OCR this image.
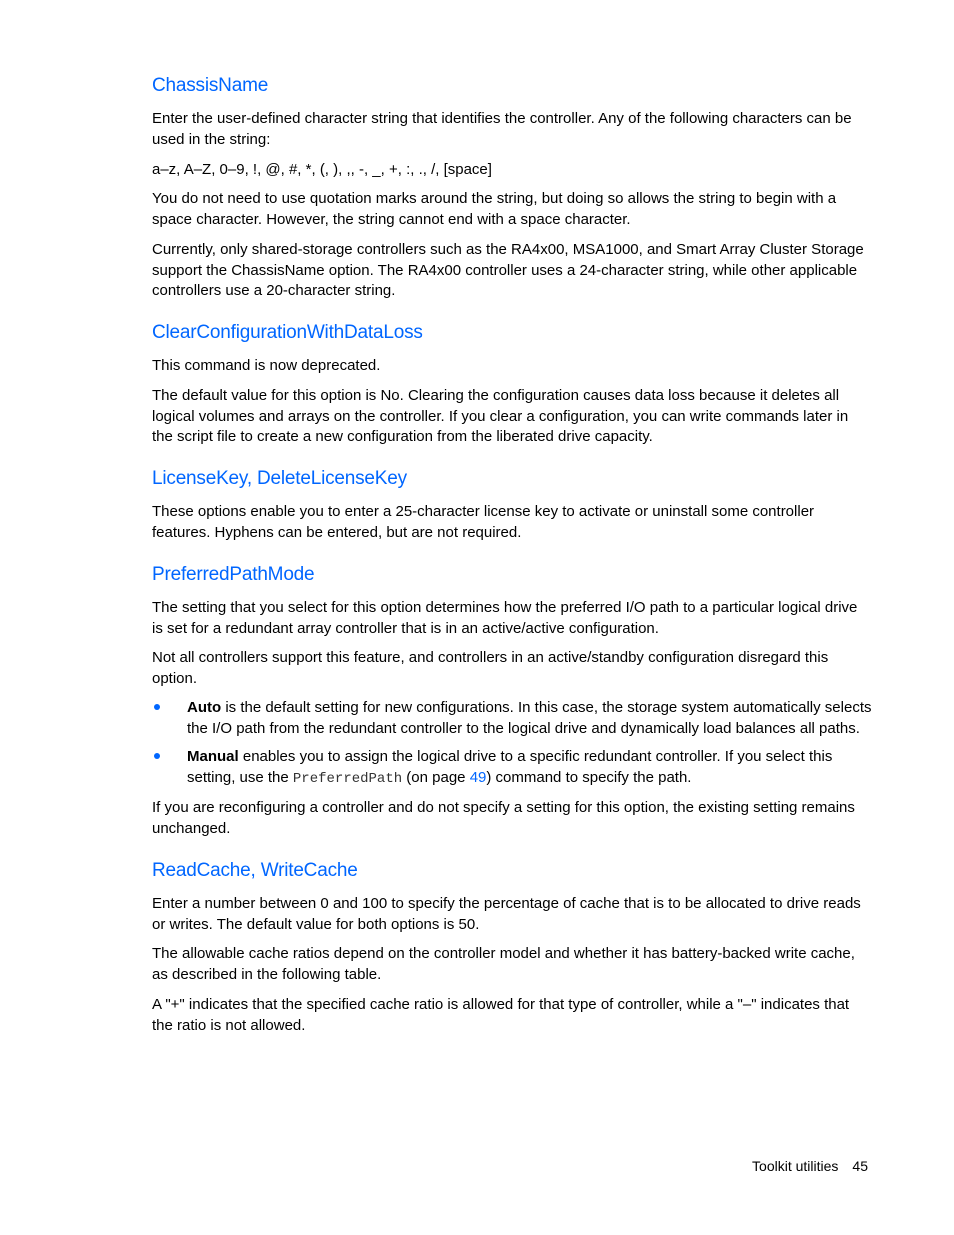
ChassisName

Enter the user-defined character string that identifies the controller. Any of the following characters can be used in the string:

a–z, A–Z, 0–9, !, @, #, *, (, ), ,, -, _, +, :, ., /, [space]

You do not need to use quotation marks around the string, but doing so allows the string to begin with a space character. However, the string cannot end with a space character.

Currently, only shared-storage controllers such as the RA4x00, MSA1000, and Smart Array Cluster Storage support the ChassisName option. The RA4x00 controller uses a 24-character string, while other applicable controllers use a 20-character string.

ClearConfigurationWithDataLoss

This command is now deprecated.

The default value for this option is No. Clearing the configuration causes data loss because it deletes all logical volumes and arrays on the controller. If you clear a configuration, you can write commands later in the script file to create a new configuration from the liberated drive capacity.

LicenseKey, DeleteLicenseKey

These options enable you to enter a 25-character license key to activate or uninstall some controller features. Hyphens can be entered, but are not required.

PreferredPathMode

The setting that you select for this option determines how the preferred I/O path to a particular logical drive is set for a redundant array controller that is in an active/active configuration.

Not all controllers support this feature, and controllers in an active/standby configuration disregard this option.

Auto is the default setting for new configurations. In this case, the storage system automatically selects the I/O path from the redundant controller to the logical drive and dynamically load balances all paths.
Manual enables you to assign the logical drive to a specific redundant controller. If you select this setting, use the PreferredPath (on page 49) command to specify the path.

If you are reconfiguring a controller and do not specify a setting for this option, the existing setting remains unchanged.

ReadCache, WriteCache

Enter a number between 0 and 100 to specify the percentage of cache that is to be allocated to drive reads or writes. The default value for both options is 50.

The allowable cache ratios depend on the controller model and whether it has battery-backed write cache, as described in the following table.

A "+" indicates that the specified cache ratio is allowed for that type of controller, while a "–" indicates that the ratio is not allowed.

Toolkit utilities 45
